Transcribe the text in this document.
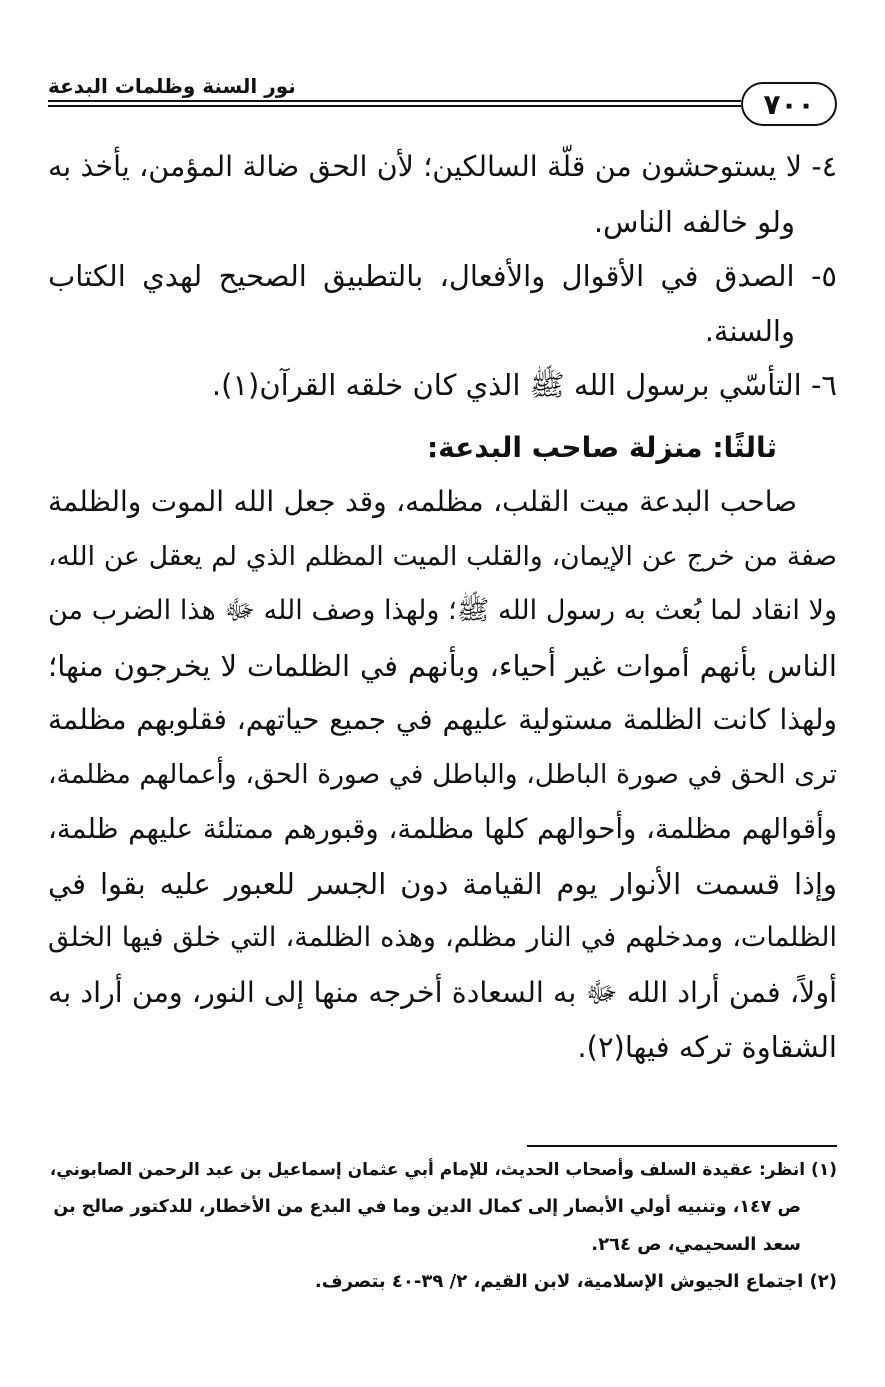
٧٠٠
نور السنة وظلمات البدعة
٤- لا يستوحشون من قلّة السالكين؛ لأن الحق ضالة المؤمن، يأخذ به
ولو خالفه الناس.
٥- الصدق في الأقوال والأفعال، بالتطبيق الصحيح لهدي الكتاب
والسنة.
٦- التأسّي برسول الله ﷺ الذي كان خلقه القرآن(١).
ثالثًا: منزلة صاحب البدعة:
صاحب البدعة ميت القلب، مظلمه، وقد جعل الله الموت والظلمة
صفة من خرج عن الإيمان، والقلب الميت المظلم الذي لم يعقل عن الله،
ولا انقاد لما بُعث به رسول الله ﷺ؛ ولهذا وصف الله ﷻ هذا الضرب من
الناس بأنهم أموات غير أحياء، وبأنهم في الظلمات لا يخرجون منها؛
ولهذا كانت الظلمة مستولية عليهم في جميع حياتهم، فقلوبهم مظلمة
ترى الحق في صورة الباطل، والباطل في صورة الحق، وأعمالهم مظلمة،
وأقوالهم مظلمة، وأحوالهم كلها مظلمة، وقبورهم ممتلئة عليهم ظلمة،
وإذا قسمت الأنوار يوم القيامة دون الجسر للعبور عليه بقوا في
الظلمات، ومدخلهم في النار مظلم، وهذه الظلمة، التي خلق فيها الخلق
أولاً، فمن أراد الله ﷻ به السعادة أخرجه منها إلى النور، ومن أراد به
الشقاوة تركه فيها(٢).
(١) انظر: عقيدة السلف وأصحاب الحديث، للإمام أبي عثمان إسماعيل بن عبد الرحمن الصابوني،
ص ١٤٧، وتنبيه أولي الأبصار إلى كمال الدين وما في البدع من الأخطار، للدكتور صالح بن
سعد السحيمي، ص ٢٦٤.
(٢) اجتماع الجيوش الإسلامية، لابن القيم، ٢/ ٣٩-٤٠ بتصرف.
